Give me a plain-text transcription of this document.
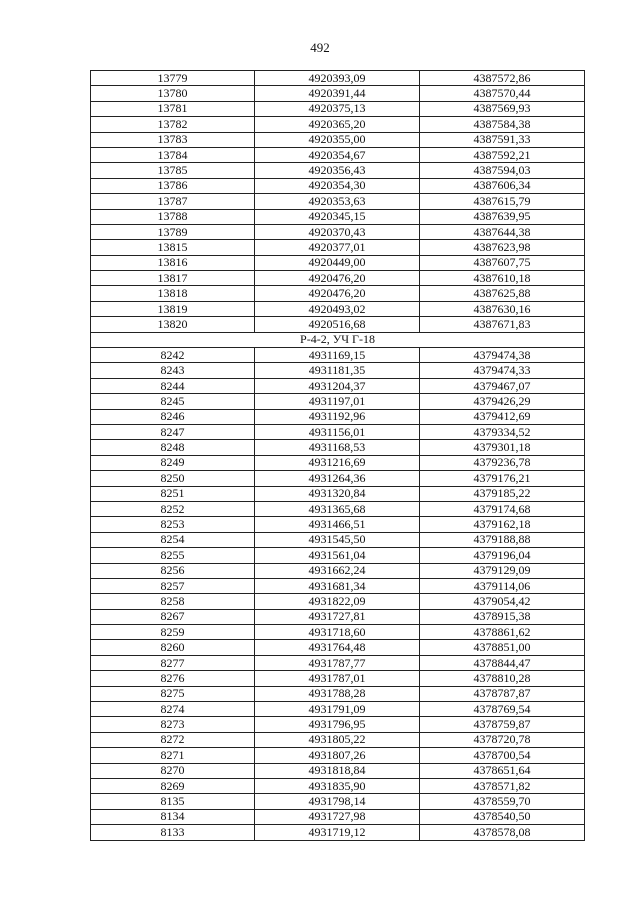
492
13779	4920393,09	4387572,86
13780	4920391,44	4387570,44
13781	4920375,13	4387569,93
13782	4920365,20	4387584,38
13783	4920355,00	4387591,33
13784	4920354,67	4387592,21
13785	4920356,43	4387594,03
13786	4920354,30	4387606,34
13787	4920353,63	4387615,79
13788	4920345,15	4387639,95
13789	4920370,43	4387644,38
13815	4920377,01	4387623,98
13816	4920449,00	4387607,75
13817	4920476,20	4387610,18
13818	4920476,20	4387625,88
13819	4920493,02	4387630,16
13820	4920516,68	4387671,83
Р-4-2, УЧ Г-18		
8242	4931169,15	4379474,38
8243	4931181,35	4379474,33
8244	4931204,37	4379467,07
8245	4931197,01	4379426,29
8246	4931192,96	4379412,69
8247	4931156,01	4379334,52
8248	4931168,53	4379301,18
8249	4931216,69	4379236,78
8250	4931264,36	4379176,21
8251	4931320,84	4379185,22
8252	4931365,68	4379174,68
8253	4931466,51	4379162,18
8254	4931545,50	4379188,88
8255	4931561,04	4379196,04
8256	4931662,24	4379129,09
8257	4931681,34	4379114,06
8258	4931822,09	4379054,42
8267	4931727,81	4378915,38
8259	4931718,60	4378861,62
8260	4931764,48	4378851,00
8277	4931787,77	4378844,47
8276	4931787,01	4378810,28
8275	4931788,28	4378787,87
8274	4931791,09	4378769,54
8273	4931796,95	4378759,87
8272	4931805,22	4378720,78
8271	4931807,26	4378700,54
8270	4931818,84	4378651,64
8269	4931835,90	4378571,82
8135	4931798,14	4378559,70
8134	4931727,98	4378540,50
8133	4931719,12	4378578,08
